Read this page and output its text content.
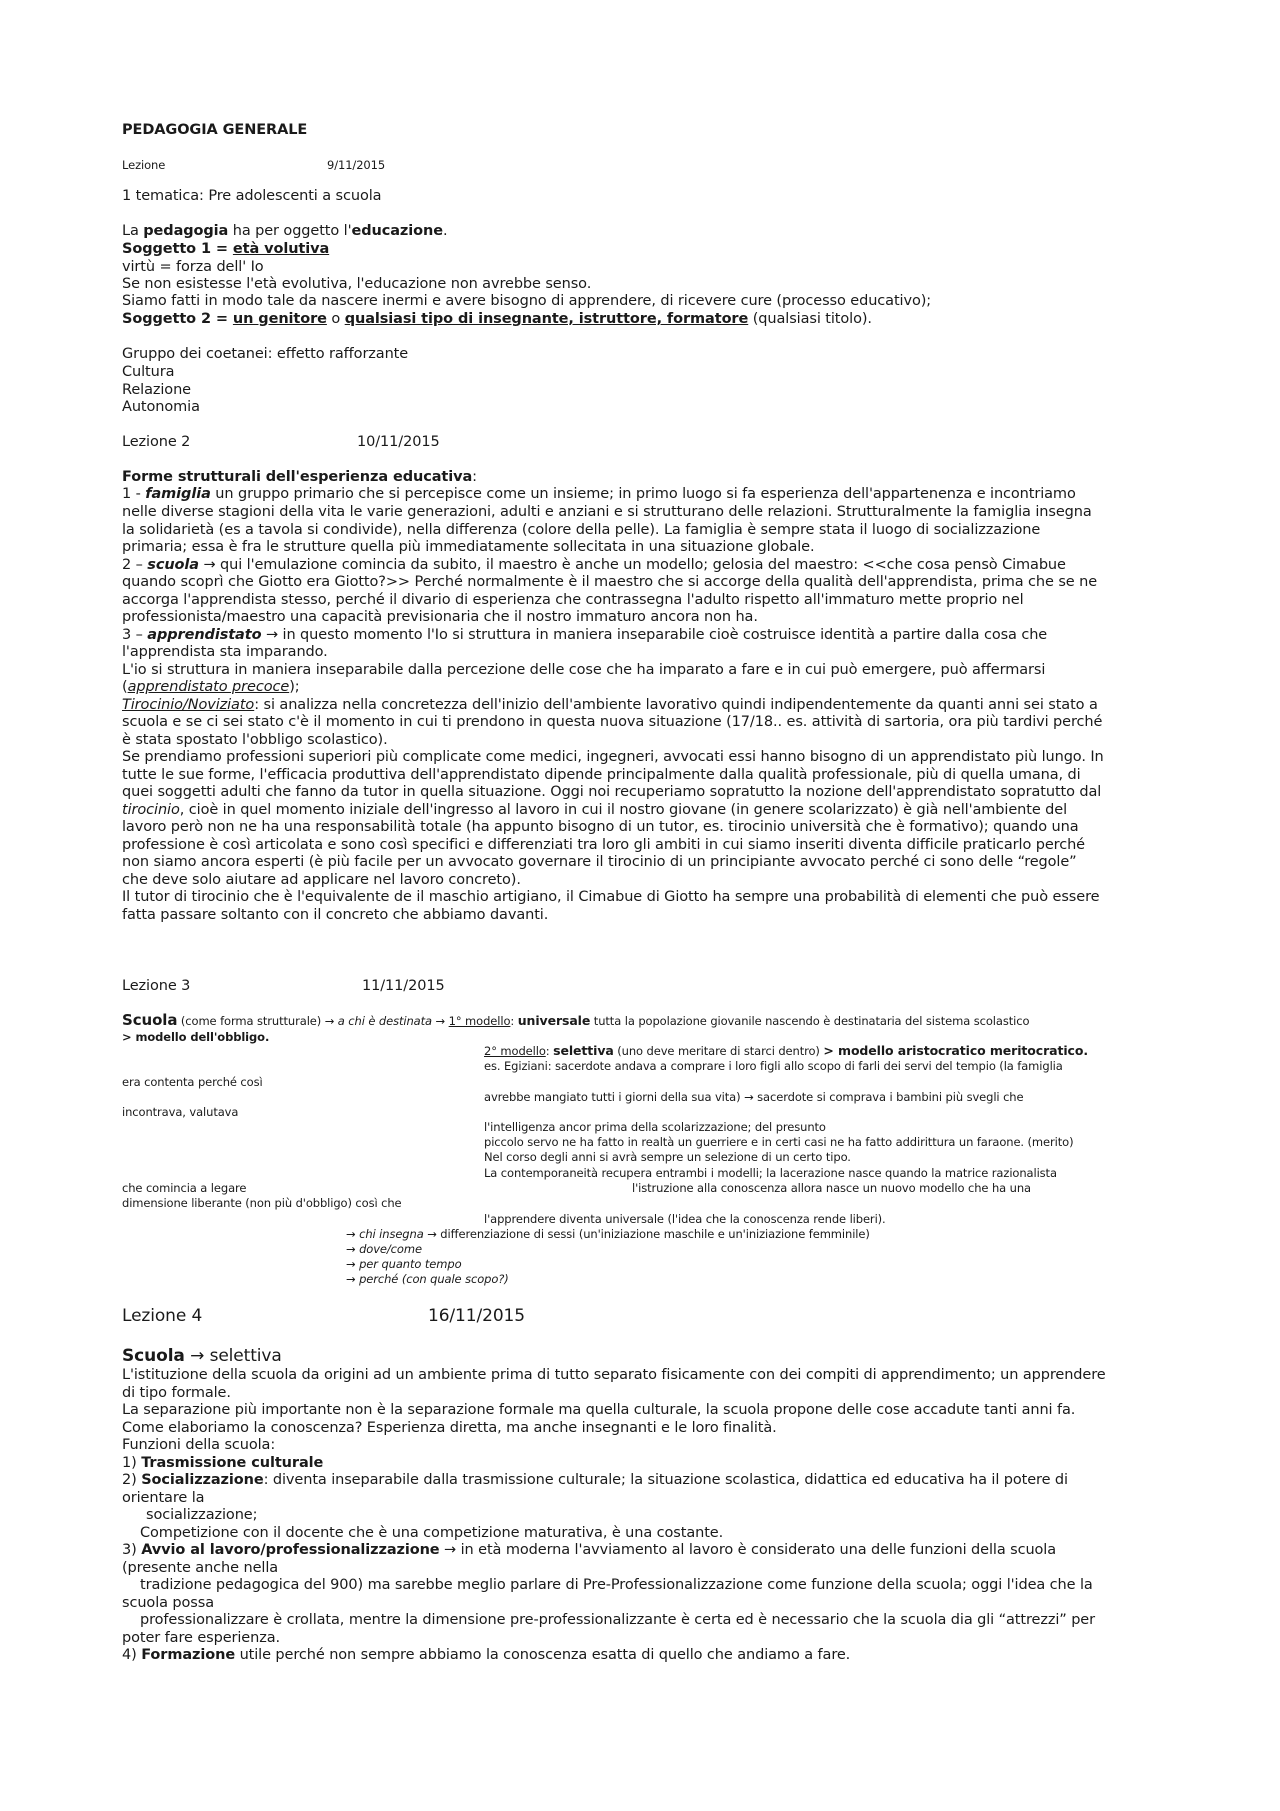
PEDAGOGIA GENERALE
Lezione	9/11/2015
1 tematica: Pre adolescenti a scuola
La pedagogia ha per oggetto l'educazione.
Soggetto 1 = età volutiva
virtù = forza dell' Io
Se non esistesse l'età evolutiva, l'educazione non avrebbe senso.
Siamo fatti in modo tale da nascere inermi e avere bisogno di apprendere, di ricevere cure (processo educativo);
Soggetto 2 = un genitore o qualsiasi tipo di insegnante, istruttore, formatore (qualsiasi titolo).
Gruppo dei coetanei: effetto rafforzante
Cultura
Relazione
Autonomia
Lezione 2	10/11/2015
Forme strutturali dell'esperienza educativa:
1 - famiglia un gruppo primario che si percepisce come un insieme; in primo luogo si fa esperienza dell'appartenenza e incontriamo
nelle diverse stagioni della vita le varie generazioni, adulti e anziani e si strutturano delle relazioni. Strutturalmente la famiglia insegna
la solidarietà (es a tavola si condivide), nella differenza (colore della pelle). La famiglia è sempre stata il luogo di socializzazione
primaria; essa è fra le strutture quella più immediatamente sollecitata in una situazione globale.
2 – scuola → qui l'emulazione comincia da subito, il maestro è anche un modello; gelosia del maestro: <<che cosa pensò Cimabue
quando scoprì che Giotto era Giotto?>> Perché normalmente è il maestro che si accorge della qualità dell'apprendista, prima che se ne
accorga l'apprendista stesso, perché il divario di esperienza che contrassegna l'adulto rispetto all'immaturo mette proprio nel
professionista/maestro una capacità previsionaria che il nostro immaturo ancora non ha.
3 – apprendistato → in questo momento l'Io si struttura in maniera inseparabile cioè costruisce identità a partire dalla cosa che
l'apprendista sta imparando.
L'io si struttura in maniera inseparabile dalla percezione delle cose che ha imparato a fare e in cui può emergere, può affermarsi
(apprendistato precoce);
Tirocinio/Noviziato: si analizza nella concretezza dell'inizio dell'ambiente lavorativo quindi indipendentemente da quanti anni sei stato a
scuola e se ci sei stato c'è il momento in cui ti prendono in questa nuova situazione (17/18.. es. attività di sartoria, ora più tardivi perché
è stata spostato l'obbligo scolastico).
Se prendiamo professioni superiori più complicate come medici, ingegneri, avvocati essi hanno bisogno di un apprendistato più lungo. In
tutte le sue forme, l'efficacia produttiva dell'apprendistato dipende principalmente dalla qualità professionale, più di quella umana, di
quei soggetti adulti che fanno da tutor in quella situazione. Oggi noi recuperiamo sopratutto la nozione dell'apprendistato sopratutto dal
tirocinio, cioè in quel momento iniziale dell'ingresso al lavoro in cui il nostro giovane (in genere scolarizzato) è già nell'ambiente del
lavoro però non ne ha una responsabilità totale (ha appunto bisogno di un tutor, es. tirocinio università che è formativo); quando una
professione è così articolata e sono così specifici e differenziati tra loro gli ambiti in cui siamo inseriti diventa difficile praticarlo perché
non siamo ancora esperti (è più facile per un avvocato governare il tirocinio di un principiante avvocato perché ci sono delle “regole”
che deve solo aiutare ad applicare nel lavoro concreto).
Il tutor di tirocinio che è l'equivalente de il maschio artigiano, il Cimabue di Giotto ha sempre una probabilità di elementi che può essere
fatta passare soltanto con il concreto che abbiamo davanti.
Lezione 3	11/11/2015
Scuola (come forma strutturale) → a chi è destinata → 1° modello: universale tutta la popolazione giovanile nascendo è destinataria del sistema scolastico
> modello dell'obbligo.
2° modello: selettiva (uno deve meritare di starci dentro) > modello aristocratico meritocratico.
es. Egiziani: sacerdote andava a comprare i loro figli allo scopo di farli dei servi del tempio (la famiglia
era contenta perché così
avrebbe mangiato tutti i giorni della sua vita) → sacerdote si comprava i bambini più svegli che
incontrava, valutava
l'intelligenza ancor prima della scolarizzazione; del presunto
piccolo servo ne ha fatto in realtà un guerriere e in certi casi ne ha fatto addirittura un faraone. (merito)
Nel corso degli anni si avrà sempre un selezione di un certo tipo.
La contemporaneità recupera entrambi i modelli; la lacerazione nasce quando la matrice razionalista
che comincia a legare	l'istruzione alla conoscenza allora nasce un nuovo modello che ha una
dimensione liberante (non più d'obbligo) così che
l'apprendere diventa universale (l'idea che la conoscenza rende liberi).
→ chi insegna → differenziazione di sessi (un'iniziazione maschile e un'iniziazione femminile)
→ dove/come
→ per quanto tempo
→ perché (con quale scopo?)
Lezione 4	16/11/2015
Scuola → selettiva
L'istituzione della scuola da origini ad un ambiente prima di tutto separato fisicamente con dei compiti di apprendimento; un apprendere
di tipo formale.
La separazione più importante non è la separazione formale ma quella culturale, la scuola propone delle cose accadute tanti anni fa.
Come elaboriamo la conoscenza? Esperienza diretta, ma anche insegnanti e le loro finalità.
Funzioni della scuola:
1) Trasmissione culturale
2) Socializzazione: diventa inseparabile dalla trasmissione culturale; la situazione scolastica, didattica ed educativa ha il potere di
orientare la
socializzazione;
Competizione con il docente che è una competizione maturativa, è una costante.
3) Avvio al lavoro/professionalizzazione → in età moderna l'avviamento al lavoro è considerato una delle funzioni della scuola
(presente anche nella
tradizione pedagogica del 900) ma sarebbe meglio parlare di Pre-Professionalizzazione come funzione della scuola; oggi l'idea che la
scuola possa
professionalizzare è crollata, mentre la dimensione pre-professionalizzante è certa ed è necessario che la scuola dia gli “attrezzi” per
poter fare esperienza.
4) Formazione utile perché non sempre abbiamo la conoscenza esatta di quello che andiamo a fare.
